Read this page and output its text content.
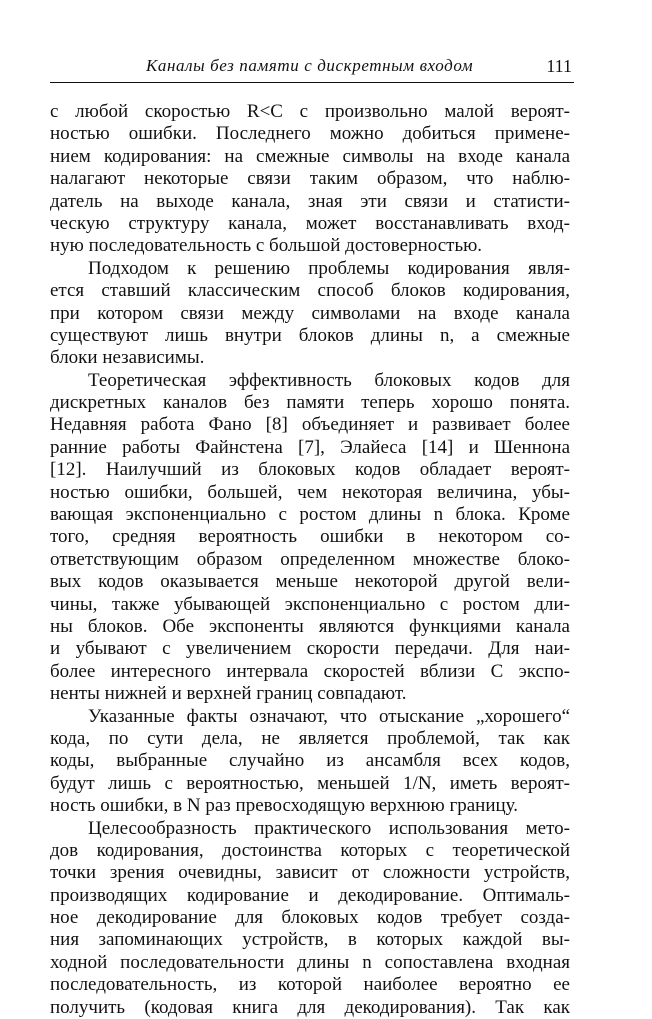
Каналы без памяти с дискретным входом	111
с любой скоростью R<C с произвольно малой вероят-
ностью ошибки. Последнего можно добиться примене-
нием кодирования: на смежные символы на входе канала
налагают некоторые связи таким образом, что наблю-
датель на выходе канала, зная эти связи и статисти-
ческую структуру канала, может восстанавливать вход-
ную последовательность с большой достоверностью.
Подходом к решению проблемы кодирования явля-
ется ставший классическим способ блоков кодирования,
при котором связи между символами на входе канала
существуют лишь внутри блоков длины n, а смежные
блоки независимы.
Теоретическая эффективность блоковых кодов для
дискретных каналов без памяти теперь хорошо понята.
Недавняя работа Фано [8] объединяет и развивает более
ранние работы Файнстена [7], Элайеса [14] и Шеннона
[12]. Наилучший из блоковых кодов обладает вероят-
ностью ошибки, большей, чем некоторая величина, убы-
вающая экспоненциально с ростом длины n блока. Кроме
того, средняя вероятность ошибки в некотором со-
ответствующим образом определенном множестве блоко-
вых кодов оказывается меньше некоторой другой вели-
чины, также убывающей экспоненциально с ростом дли-
ны блоков. Обе экспоненты являются функциями канала
и убывают с увеличением скорости передачи. Для наи-
более интересного интервала скоростей вблизи C экспо-
ненты нижней и верхней границ совпадают.
Указанные факты означают, что отыскание „хорошего“
кода, по сути дела, не является проблемой, так как
коды, выбранные случайно из ансамбля всех кодов,
будут лишь с вероятностью, меньшей 1/N, иметь вероят-
ность ошибки, в N раз превосходящую верхнюю границу.
Целесообразность практического использования мето-
дов кодирования, достоинства которых с теоретической
точки зрения очевидны, зависит от сложности устройств,
производящих кодирование и декодирование. Оптималь-
ное декодирование для блоковых кодов требует созда-
ния запоминающих устройств, в которых каждой вы-
ходной последовательности длины n сопоставлена входная
последовательность, из которой наиболее вероятно ее
получить (кодовая книга для декодирования). Так как
